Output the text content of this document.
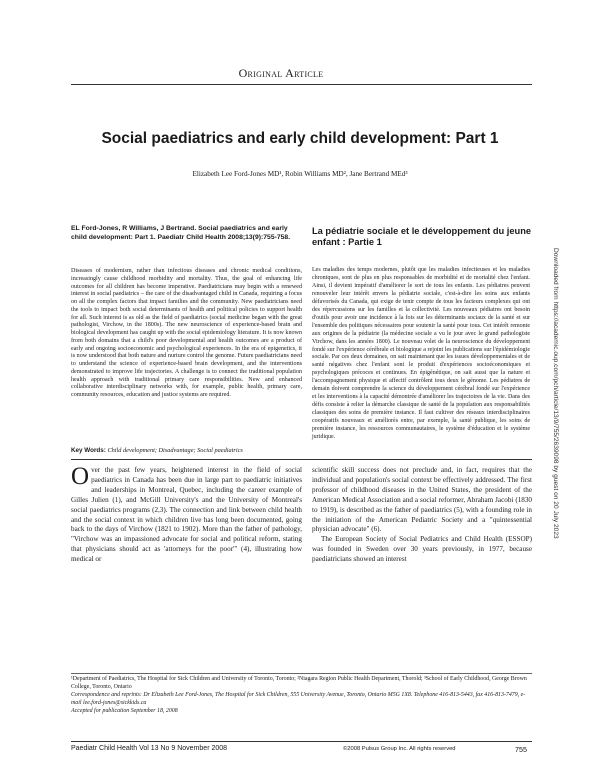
Original Article
Social paediatrics and early child development: Part 1
Elizabeth Lee Ford-Jones MD¹, Robin Williams MD², Jane Bertrand MEd³
EL Ford-Jones, R Williams, J Bertrand. Social paediatrics and early child development: Part 1. Paediatr Child Health 2008;13(9):755-758.
Diseases of modernism, rather than infectious diseases and chronic medical conditions, increasingly cause childhood morbidity and mortality. Thus, the goal of enhancing life outcomes for all children has become imperative. Paediatricians may begin with a renewed interest in social paediatrics – the care of the disadvantaged child in Canada, requiring a focus on all the complex factors that impact families and the community. New paediatricians need the tools to impact both social determinants of health and political policies to support health for all. Such interest is as old as the field of paediatrics (social medicine began with the great pathologist, Virchow, in the 1800s). The new neuroscience of experience-based brain and biological development has caught up with the social epidemiology literature. It is now known from both domains that a child's poor developmental and health outcomes are a product of early and ongoing socioeconomic and psychological experiences. In the era of epigenetics, it is now understood that both nature and nurture control the genome. Future paediatricians need to understand the science of experience-based brain development, and the interventions demonstrated to improve life trajectories. A challenge is to connect the traditional population health approach with traditional primary care responsibilities. New and enhanced collaborative interdisciplinary networks with, for example, public health, primary care, community resources, education and justice systems are required.
La pédiatrie sociale et le développement du jeune enfant : Partie 1
Les maladies des temps modernes, plutôt que les maladies infectieuses et les maladies chroniques, sont de plus en plus responsables de morbidité et de mortalité chez l'enfant. Ainsi, il devient impératif d'améliorer le sort de tous les enfants. Les pédiatres peuvent renouveler leur intérêt envers la pédiatrie sociale, c'est-à-dire les soins aux enfants défavorisés du Canada, qui exige de tenir compte de tous les facteurs complexes qui ont des répercussions sur les familles et la collectivité. Les nouveaux pédiatres ont besoin d'outils pour avoir une incidence à la fois sur les déterminants sociaux de la santé et sur l'ensemble des politiques nécessaires pour soutenir la santé pour tous. Cet intérêt remonte aux origines de la pédiatrie (la médecine sociale a vu le jour avec le grand pathologiste Virchow, dans les années 1800). Le nouveau volet de la neuroscience du développement fondé sur l'expérience cérébrale et biologique a rejoint les publications sur l'épidémiologie sociale. Par ces deux domaines, on sait maintenant que les issues développementales et de santé négatives chez l'enfant sont le produit d'expériences socioéconomiques et psychologiques précoces et continues. En épigénétique, on sait aussi que la nature et l'accompagnement physique et affectif contrôlent tous deux le génome. Les pédiatres de demain doivent comprendre la science du développement cérébral fondé sur l'expérience et les interventions à la capacité démontrée d'améliorer les trajectoires de la vie. Dans des défis consiste à relier la démarche classique de santé de la population aux responsabilités classiques des soins de première instance. Il faut cultiver des réseaux interdisciplinaires coopératifs nouveaux et améliorés entre, par exemple, la santé publique, les soins de première instance, les ressources communautaires, le système d'éducation et le système juridique.
Key Words: Child development; Disadvantage; Social paediatrics
Over the past few years, heightened interest in the field of social paediatrics in Canada has been due in large part to paediatric initiatives and leaderships in Montreal, Quebec, including the career example of Gilles Julien (1), and McGill University's and the University of Montreal's social paediatrics programs (2,3). The connection and link between child health and the social context in which children live has long been documented, going back to the days of Virchow (1821 to 1902). More than the father of pathology, "Virchow was an impassioned advocate for social and political reform, stating that physicians should act as 'attorneys for the poor'" (4), illustrating how medical or

scientific skill success does not preclude and, in fact, requires that the individual and population's social context be effectively addressed. The first professor of childhood diseases in the United States, the president of the American Medical Association and a social reformer, Abraham Jacobi (1830 to 1919), is described as the father of paediatrics (5), with a founding role in the initiation of the American Pediatric Society and a "quintessential physician advocate" (6).

The European Society of Social Pediatrics and Child Health (ESSOP) was founded in Sweden over 30 years previously, in 1977, because paediatricians showed an interest

¹Department of Paediatrics, The Hospital for Sick Children and University of Toronto, Toronto; ²Niagara Region Public Health Department, Thorold; ³School of Early Childhood, George Brown College, Toronto, Ontario
Correspondence and reprints: Dr Elizabeth Lee Ford-Jones, The Hospital for Sick Children, 555 University Avenue, Toronto, Ontario M5G 1X8. Telephone 416-813-5443, fax 416-813-7479, e-mail lee.ford-jones@sickkids.ca
Accepted for publication September 18, 2008
Paediatr Child Health Vol 13 No 9 November 2008	©2008 Pulsus Group Inc. All rights reserved	755
Downloaded from https://academic.oup.com/pch/article/13/9/755/2639098 by guest on 20 July 2023
